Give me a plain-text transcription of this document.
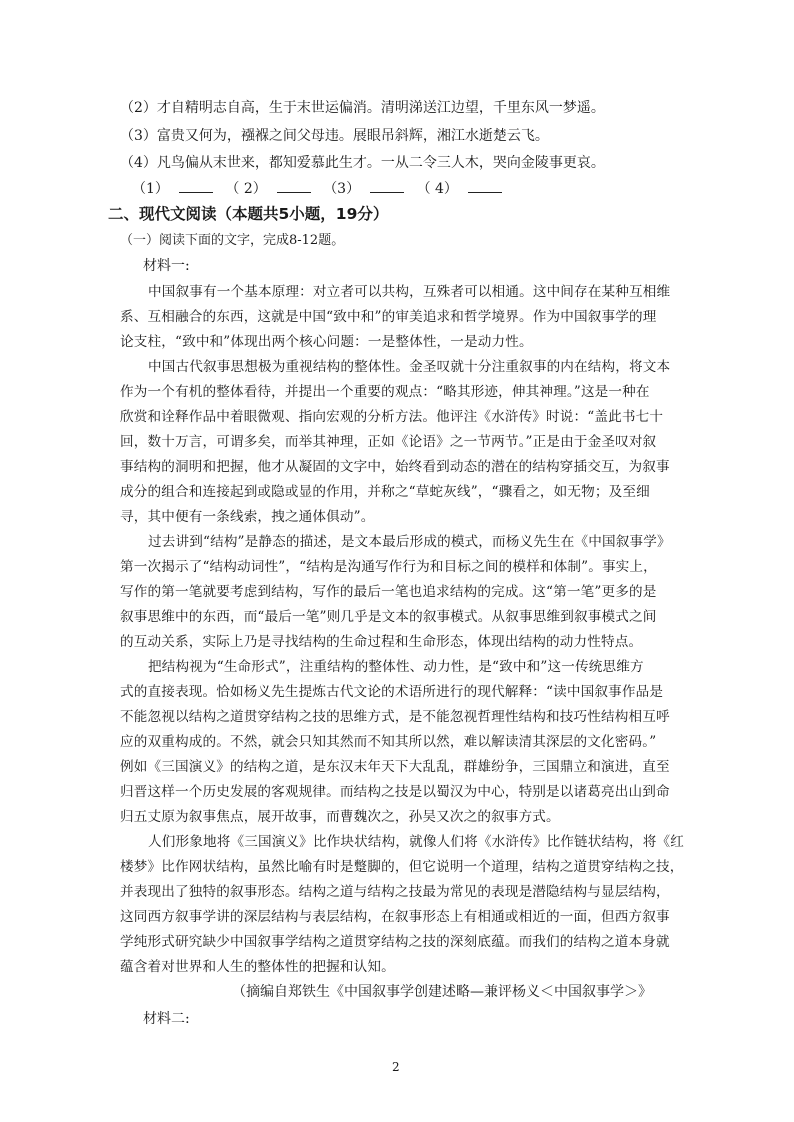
（2）才自精明志自高，生于末世运偏消。清明涕送江边望，千里东风一梦遥。
（3）富贵又何为，襁褓之间父母违。展眼吊斜辉，湘江水逝楚云飞。
（4）凡鸟偏从末世来，都知爱慕此生才。一从二令三人木，哭向金陵事更哀。
（1）	（ 2）	（3）	（ 4）
二、现代文阅读（本题共5小题，19分）
（一）阅读下面的文字，完成8-12题。
材料一:
中国叙事有一个基本原理：对立者可以共构，互殊者可以相通。这中间存在某种互相维
系、互相融合的东西，这就是中国“致中和”的审美追求和哲学境界。作为中国叙事学的理
论支柱，“致中和”体现出两个核心问题：一是整体性，一是动力性。
中国古代叙事思想极为重视结构的整体性。金圣叹就十分注重叙事的内在结构，将文本
作为一个有机的整体看待，并提出一个重要的观点：“略其形迹，伸其神理。”这是一种在
欣赏和诠释作品中着眼微观、指向宏观的分析方法。他评注《水浒传》时说：“盖此书七十
回，数十万言，可谓多矣，而举其神理，正如《论语》之一节两节。”正是由于金圣叹对叙
事结构的洞明和把握，他才从凝固的文字中，始终看到动态的潜在的结构穿插交互，为叙事
成分的组合和连接起到或隐或显的作用，并称之“草蛇灰线”，“骤看之，如无物；及至细
寻，其中便有一条线索，拽之通体俱动”。
过去讲到“结构”是静态的描述，是文本最后形成的模式，而杨义先生在《中国叙事学》
第一次揭示了“结构动词性”，“结构是沟通写作行为和目标之间的模样和体制”。事实上，
写作的第一笔就要考虑到结构，写作的最后一笔也追求结构的完成。这“第一笔”更多的是
叙事思维中的东西，而“最后一笔”则几乎是文本的叙事模式。从叙事思维到叙事模式之间
的互动关系，实际上乃是寻找结构的生命过程和生命形态，体现出结构的动力性特点。
把结构视为“生命形式”，注重结构的整体性、动力性，是“致中和”这一传统思维方
式的直接表现。恰如杨义先生提炼古代文论的术语所进行的现代解释：“读中国叙事作品是
不能忽视以结构之道贯穿结构之技的思维方式，是不能忽视哲理性结构和技巧性结构相互呼
应的双重构成的。不然，就会只知其然而不知其所以然，难以解读清其深层的文化密码。”
例如《三国演义》的结构之道，是东汉末年天下大乱乱，群雄纷争，三国鼎立和演进，直至
归晋这样一个历史发展的客观规律。而结构之技是以蜀汉为中心，特别是以诸葛亮出山到命
归五丈原为叙事焦点，展开故事，而曹魏次之，孙吴又次之的叙事方式。
人们形象地将《三国演义》比作块状结构，就像人们将《水浒传》比作链状结构，将《红
楼梦》比作网状结构，虽然比喻有时是蹩脚的，但它说明一个道理，结构之道贯穿结构之技，
并表现出了独特的叙事形态。结构之道与结构之技最为常见的表现是潜隐结构与显层结构，
这同西方叙事学讲的深层结构与表层结构，在叙事形态上有相通或相近的一面，但西方叙事
学纯形式研究缺少中国叙事学结构之道贯穿结构之技的深刻底蕴。而我们的结构之道本身就
蕴含着对世界和人生的整体性的把握和认知。
（摘编自郑铁生《中国叙事学创建述略—兼评杨义＜中国叙事学＞》
材料二:
2
